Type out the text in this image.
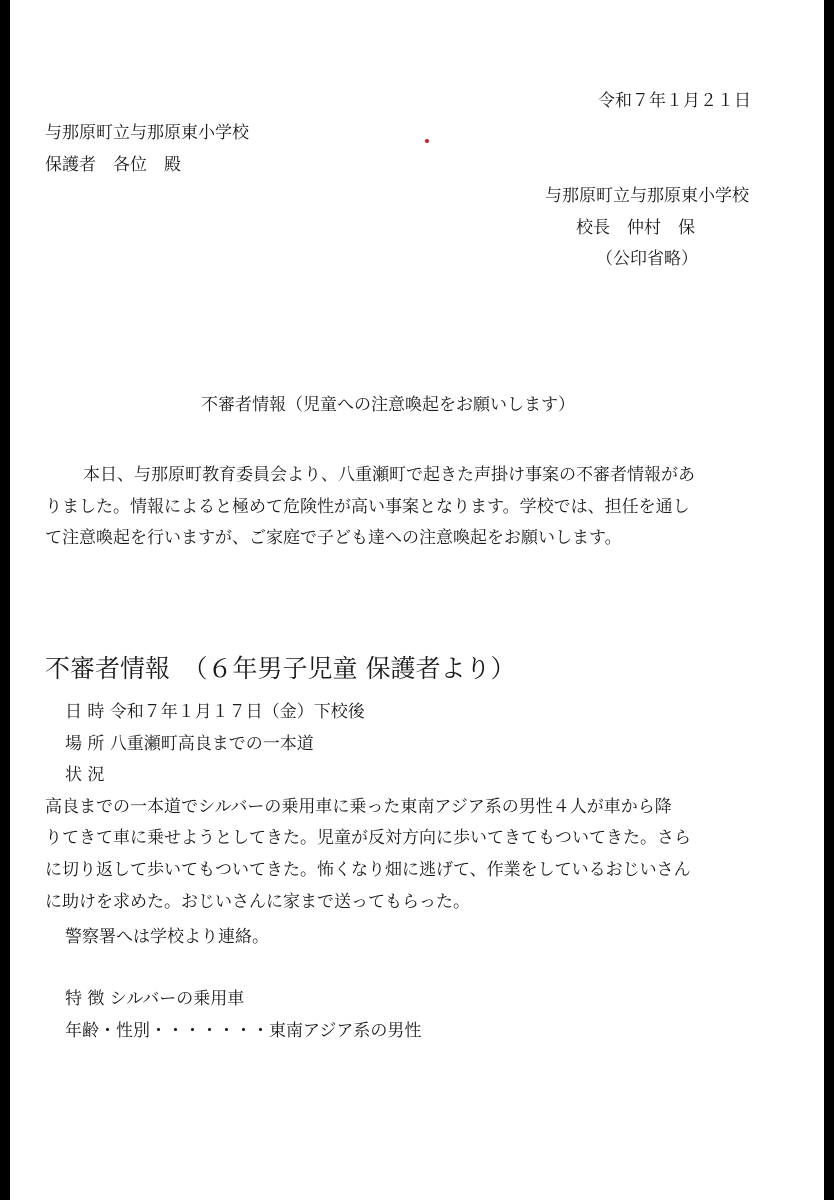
令和７年１月２１日
与那原町立与那原東小学校
保護者　各位　殿
与那原町立与那原東小学校
校長　仲村　保
（公印省略）
不審者情報（児童への注意喚起をお願いします）
本日、与那原町教育委員会より、八重瀬町で起きた声掛け事案の不審者情報があ
りました。情報によると極めて危険性が高い事案となります。学校では、担任を通し
て注意喚起を行いますが、ご家庭で子ども達への注意喚起をお願いします。
不審者情報　（６年男子児童 保護者より）
日 時 令和７年１月１７日（金）下校後
場 所 八重瀬町高良までの一本道
状 況
高良までの一本道でシルバーの乗用車に乗った東南アジア系の男性４人が車から降
りてきて車に乗せようとしてきた。児童が反対方向に歩いてきてもついてきた。さら
に切り返して歩いてもついてきた。怖くなり畑に逃げて、作業をしているおじいさん
に助けを求めた。おじいさんに家まで送ってもらった。
警察署へは学校より連絡。
特 徴 シルバーの乗用車
年齢・性別・・・・・・・東南アジア系の男性
